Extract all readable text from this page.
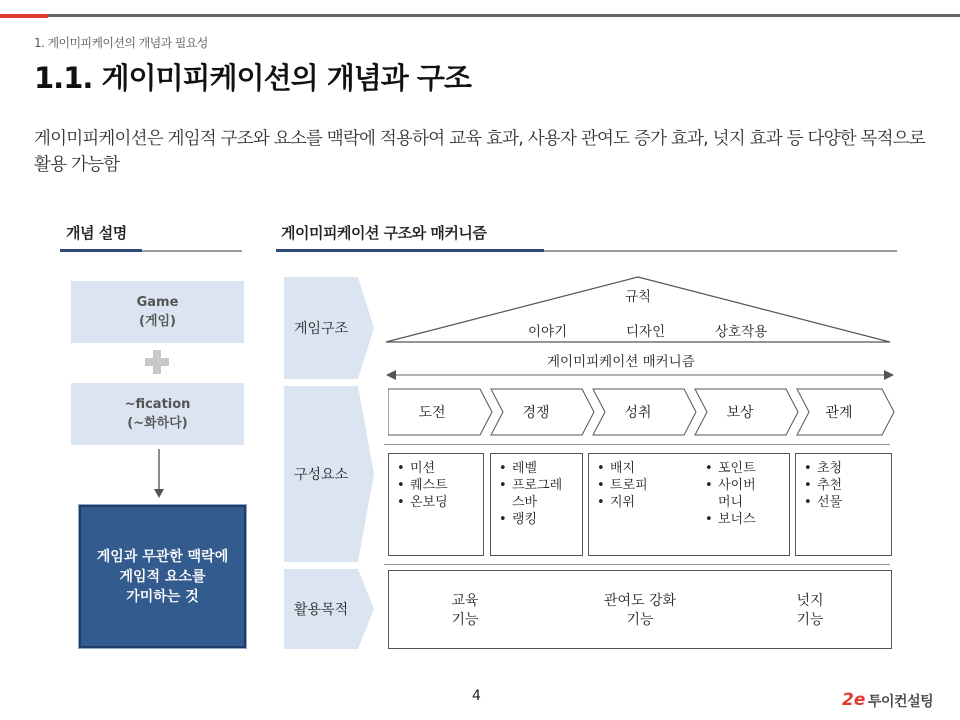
1. 게이미피케이션의 개념과 필요성
1.1. 게이미피케이션의 개념과 구조
게이미피케이션은 게임적 구조와 요소를 맥락에 적용하여 교육 효과, 사용자 관여도 증가 효과, 넛지 효과 등 다양한 목적으로 활용 가능함
개념 설명
Game
(게임)
~fication
(~화하다)
게임과 무관한 맥락에
게임적 요소를
가미하는 것
게이미피케이션 구조와 매커니즘
게임구조
구성요소
활용목적
규칙
이야기	디자인	상호작용
게이미피케이션 매커니즘
도전	경쟁	성취	보상	관계
• 미션
• 퀘스트
• 온보딩
• 레벨
• 프로그레
스바
• 랭킹
• 배지
• 트로피
• 지위
• 포인트
• 사이버
머니
• 보너스
• 초청
• 추천
• 선물
교육
기능
관여도 강화
기능
넛지
기능
4	2e 투이컨설팅
